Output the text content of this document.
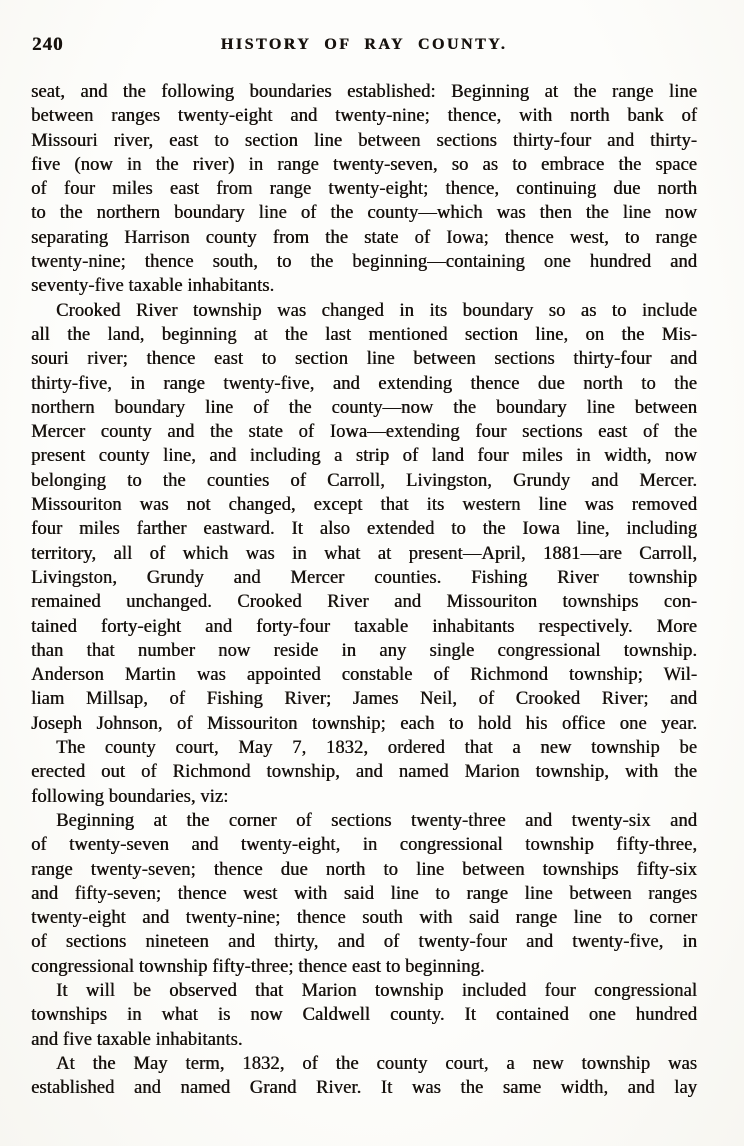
240	HISTORY OF RAY COUNTY.

seat, and the following boundaries established: Beginning at the range line
between ranges twenty-eight and twenty-nine; thence, with north bank of
Missouri river, east to section line between sections thirty-four and thirty-
five (now in the river) in range twenty-seven, so as to embrace the space
of four miles east from range twenty-eight; thence, continuing due north
to the northern boundary line of the county—which was then the line now
separating Harrison county from the state of Iowa; thence west, to range
twenty-nine; thence south, to the beginning—containing one hundred and
seventy-five taxable inhabitants.

Crooked River township was changed in its boundary so as to include
all the land, beginning at the last mentioned section line, on the Mis-
souri river; thence east to section line between sections thirty-four and
thirty-five, in range twenty-five, and extending thence due north to the
northern boundary line of the county—now the boundary line between
Mercer county and the state of Iowa—extending four sections east of the
present county line, and including a strip of land four miles in width, now
belonging to the counties of Carroll, Livingston, Grundy and Mercer.
Missouriton was not changed, except that its western line was removed
four miles farther eastward. It also extended to the Iowa line, including
territory, all of which was in what at present—April, 1881—are Carroll,
Livingston, Grundy and Mercer counties. Fishing River township
remained unchanged. Crooked River and Missouriton townships con-
tained forty-eight and forty-four taxable inhabitants respectively. More
than that number now reside in any single congressional township.
Anderson Martin was appointed constable of Richmond township; Wil-
liam Millsap, of Fishing River; James Neil, of Crooked River; and
Joseph Johnson, of Missouriton township; each to hold his office one year.

The county court, May 7, 1832, ordered that a new township be
erected out of Richmond township, and named Marion township, with the
following boundaries, viz:

Beginning at the corner of sections twenty-three and twenty-six and
of twenty-seven and twenty-eight, in congressional township fifty-three,
range twenty-seven; thence due north to line between townships fifty-six
and fifty-seven; thence west with said line to range line between ranges
twenty-eight and twenty-nine; thence south with said range line to corner
of sections nineteen and thirty, and of twenty-four and twenty-five, in
congressional township fifty-three; thence east to beginning.

It will be observed that Marion township included four congressional
townships in what is now Caldwell county. It contained one hundred
and five taxable inhabitants.

At the May term, 1832, of the county court, a new township was
established and named Grand River. It was the same width, and lay
